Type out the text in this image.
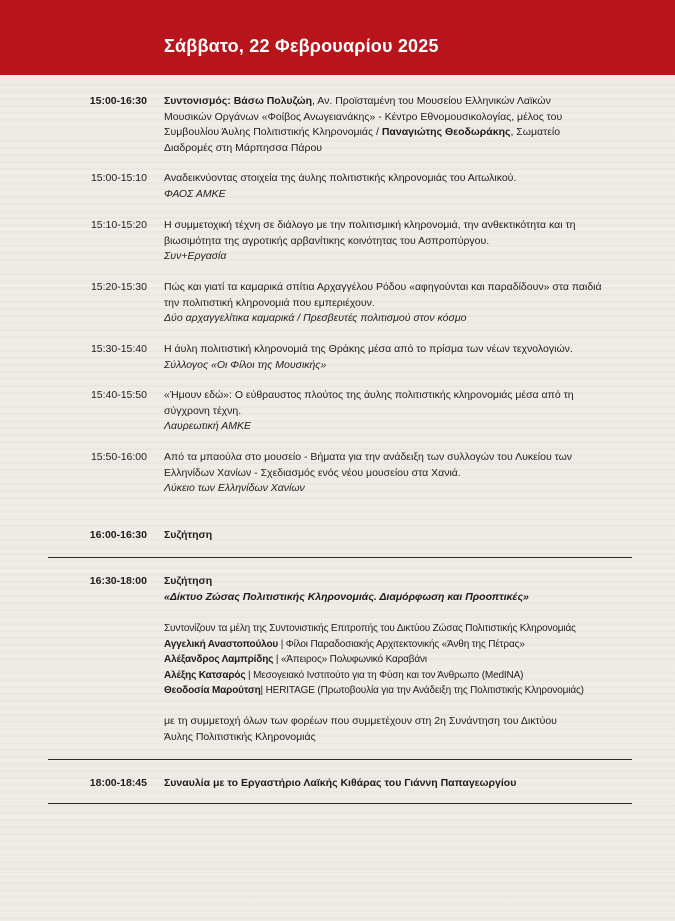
Σάββατο, 22 Φεβρουαρίου 2025
15:00-16:30 Συντονισμός: Βάσω Πολυζώη, Αν. Προϊσταμένη του Μουσείου Ελληνικών Λαϊκών
Μουσικών Οργάνων «Φοίβος Ανωγειανάκης» - Κέντρο Εθνομουσικολογίας, μέλος του
Συμβουλίου Άυλης Πολιτιστικής Κληρονομιάς / Παναγιώτης Θεοδωράκης, Σωματείο
Διαδρομές στη Μάρπησσα Πάρου
15:00-15:10 Αναδεικνύοντας στοιχεία της άυλης πολιτιστικής κληρονομιάς του Αιτωλικού.
ΦΑΟΣ ΑΜΚΕ
15:10-15:20 Η συμμετοχική τέχνη σε διάλογο με την πολιτισμική κληρονομιά, την ανθεκτικότητα και τη
βιωσιμότητα της αγροτικής αρβανίτικης κοινότητας του Ασπροπύργου.
Συν+Εργασία
15:20-15:30 Πώς και γιατί τα καμαρικά σπίτια Αρχαγγέλου Ρόδου «αφηγούνται και παραδίδουν» στα παιδιά
την πολιτιστική κληρονομιά που εμπεριέχουν.
Δύο αρχαγγελίτικα καμαρικά / Πρεσβευτές πολιτισμού στον κόσμο
15:30-15:40 Η άυλη πολιτιστική κληρονομιά της Θράκης μέσα από το πρίσμα των νέων τεχνολογιών.
Σύλλογος «Οι Φίλοι της Μουσικής»
15:40-15:50 «Ήμουν εδώ»: Ο εύθραυστος πλούτος της άυλης πολιτιστικής κληρονομιάς μέσα από τη
σύγχρονη τέχνη.
Λαυρεωτική ΑΜΚΕ
15:50-16:00 Από τα μπαούλα στο μουσείο - Βήματα για την ανάδειξη των συλλογών του Λυκείου των
Ελληνίδων Χανίων - Σχεδιασμός ενός νέου μουσείου στα Χανιά.
Λύκειο των Ελληνίδων Χανίων
16:00-16:30 Συζήτηση
16:30-18:00 Συζήτηση
«Δίκτυο Ζώσας Πολιτιστικής Κληρονομιάς. Διαμόρφωση και Προοπτικές»
Συντονίζουν τα μέλη της Συντονιστικής Επιτροπής του Δικτύου Ζώσας Πολιτιστικής Κληρονομιάς
Αγγελική Αναστοπούλου | Φίλοι Παραδοσιακής Αρχιτεκτονικής «Άνθη της Πέτρας»
Αλέξανδρος Λαμπρίδης | «Άπειρος» Πολυφωνικό Καραβάνι
Αλέξης Κατσαρός | Μεσογειακό Ινστιτούτο για τη Φύση και τον Άνθρωπο (MedINA)
Θεοδοσία Μαρούτση| HERITAGE (Πρωτοβουλία για την Ανάδειξη της Πολιτιστικής Κληρονομιάς)
με τη συμμετοχή όλων των φορέων που συμμετέχουν στη 2η Συνάντηση του Δικτύου
Άυλης Πολιτιστικής Κληρονομιάς
18:00-18:45 Συναυλία με το Εργαστήριο Λαϊκής Κιθάρας του Γιάννη Παπαγεωργίου
